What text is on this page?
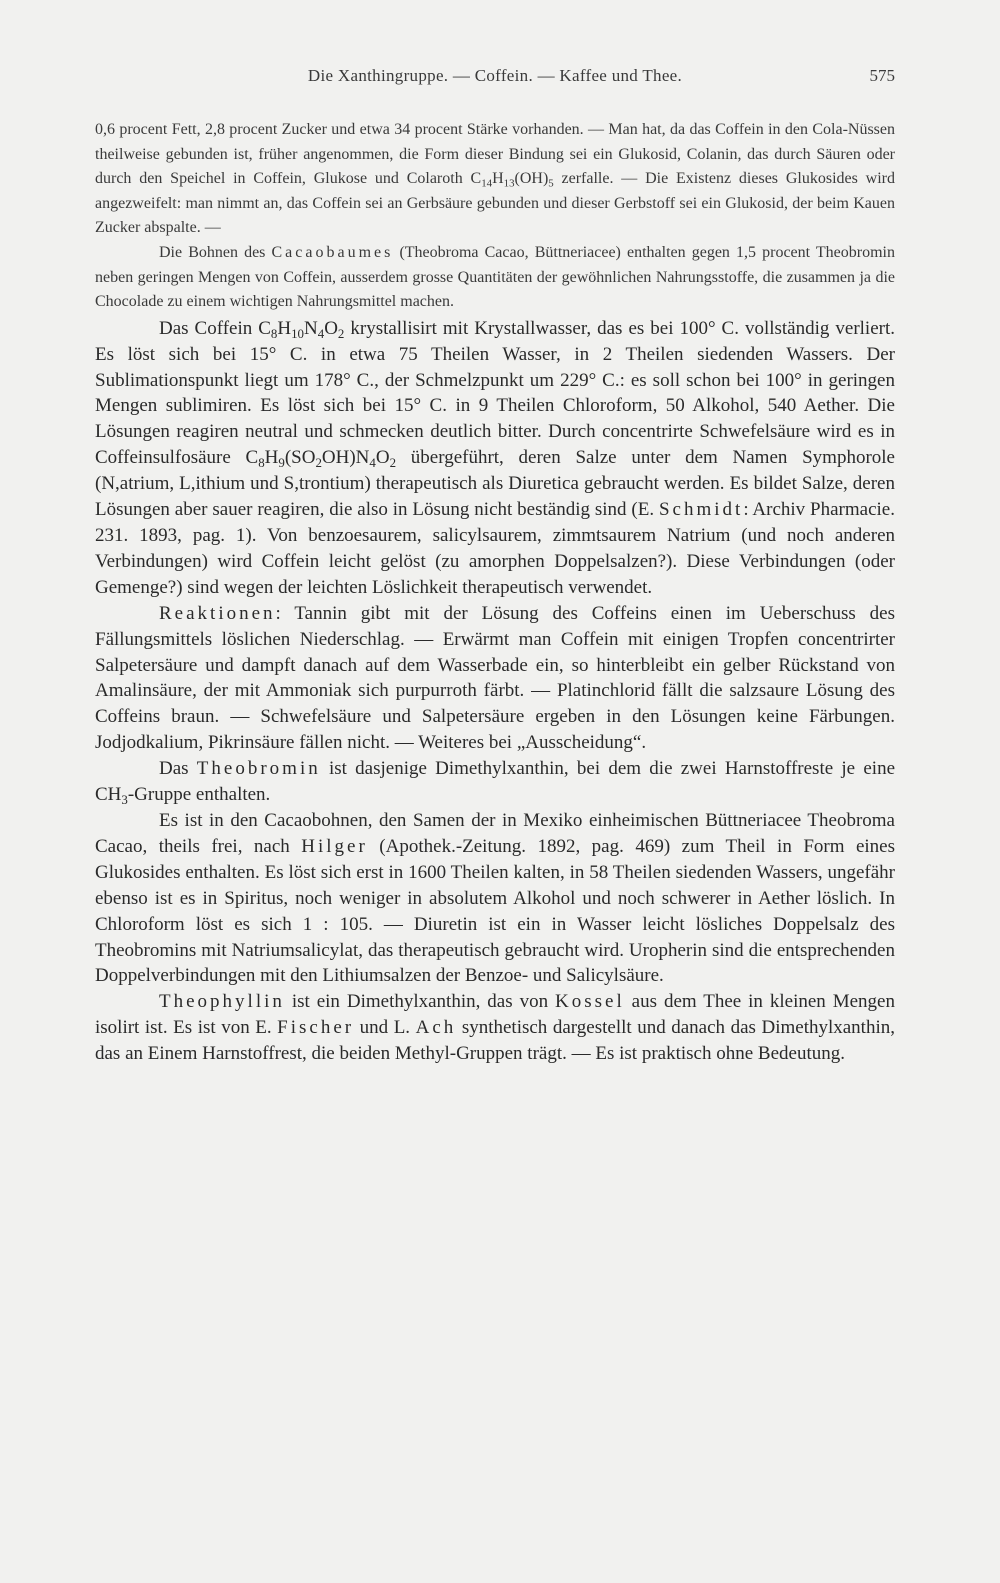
Die Xanthingruppe. — Coffein. — Kaffee und Thee.	575

0,6 procent Fett, 2,8 procent Zucker und etwa 34 procent Stärke vorhanden. — Man hat, da das Coffein in den Cola-Nüssen theilweise gebunden ist, früher angenommen, die Form dieser Bindung sei ein Glukosid, Colanin, das durch Säuren oder durch den Speichel in Coffein, Glukose und Colaroth $C_{14}H_{13}(OH)_5$ zerfalle. — Die Existenz dieses Glukosides wird angezweifelt: man nimmt an, das Coffein sei an Gerbsäure gebunden und dieser Gerbstoff sei ein Glukosid, der beim Kauen Zucker abspalte. —

Die Bohnen des Cacaobaumes (Theobroma Cacao, Büttneriacee) enthalten gegen 1,5 procent Theobromin neben geringen Mengen von Coffein, ausserdem grosse Quantitäten der gewöhnlichen Nahrungsstoffe, die zusammen ja die Chocolade zu einem wichtigen Nahrungsmittel machen.

Das Coffein $C_8H_{10}N_4O_2$ krystallisirt mit Krystallwasser, das es bei 100° C. vollständig verliert. Es löst sich bei 15° C. in etwa 75 Theilen Wasser, in 2 Theilen siedenden Wassers. Der Sublimationspunkt liegt um 178° C., der Schmelzpunkt um 229° C.: es soll schon bei 100° in geringen Mengen sublimiren. Es löst sich bei 15° C. in 9 Theilen Chloroform, 50 Alkohol, 540 Aether. Die Lösungen reagiren neutral und schmecken deutlich bitter. Durch concentrirte Schwefelsäure wird es in Coffeinsulfosäure $C_8H_9(SO_2OH)N_4O_2$ übergeführt, deren Salze unter dem Namen Symphorole (N,atrium, L,ithium und S,trontium) therapeutisch als Diuretica gebraucht werden. Es bildet Salze, deren Lösungen aber sauer reagiren, die also in Lösung nicht beständig sind (E. Schmidt: Archiv Pharmacie. 231. 1893, pag. 1). Von benzoesaurem, salicylsaurem, zimmtsaurem Natrium (und noch anderen Verbindungen) wird Coffein leicht gelöst (zu amorphen Doppelsalzen?). Diese Verbindungen (oder Gemenge?) sind wegen der leichten Löslichkeit therapeutisch verwendet.

Reaktionen: Tannin gibt mit der Lösung des Coffeins einen im Ueberschuss des Fällungsmittels löslichen Niederschlag. — Erwärmt man Coffein mit einigen Tropfen concentrirter Salpetersäure und dampft danach auf dem Wasserbade ein, so hinterbleibt ein gelber Rückstand von Amalinsäure, der mit Ammoniak sich purpurroth färbt. — Platinchlorid fällt die salzsaure Lösung des Coffeins braun. — Schwefelsäure und Salpetersäure ergeben in den Lösungen keine Färbungen. Jodjodkalium, Pikrinsäure fällen nicht. — Weiteres bei „Ausscheidung“.

Das Theobromin ist dasjenige Dimethylxanthin, bei dem die zwei Harnstoffreste je eine $CH_3$-Gruppe enthalten.

Es ist in den Cacaobohnen, den Samen der in Mexiko einheimischen Büttneriacee Theobroma Cacao, theils frei, nach Hilger (Apothek.-Zeitung. 1892, pag. 469) zum Theil in Form eines Glukosides enthalten. Es löst sich erst in 1600 Theilen kalten, in 58 Theilen siedenden Wassers, ungefähr ebenso ist es in Spiritus, noch weniger in absolutem Alkohol und noch schwerer in Aether löslich. In Chloroform löst es sich 1 : 105. — Diuretin ist ein in Wasser leicht lösliches Doppelsalz des Theobromins mit Natriumsalicylat, das therapeutisch gebraucht wird. Uropherin sind die entsprechenden Doppelverbindungen mit den Lithiumsalzen der Benzoe- und Salicylsäure.

Theophyllin ist ein Dimethylxanthin, das von Kossel aus dem Thee in kleinen Mengen isolirt ist. Es ist von E. Fischer und L. Ach synthetisch dargestellt und danach das Dimethylxanthin, das an Einem Harnstoffrest, die beiden Methyl-Gruppen trägt. — Es ist praktisch ohne Bedeutung.
